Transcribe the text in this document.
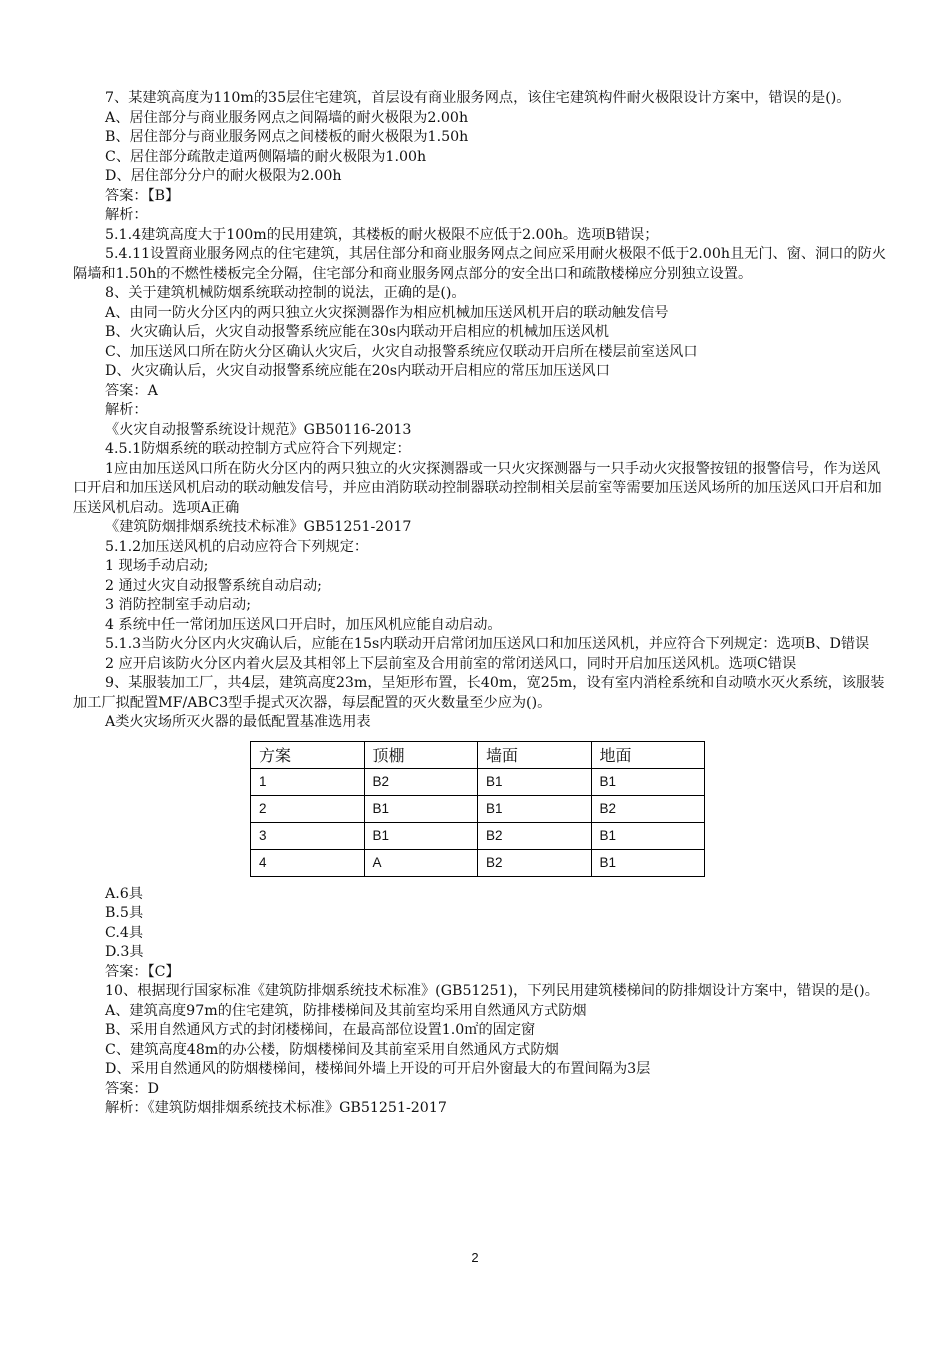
7、某建筑高度为110m的35层住宅建筑，首层设有商业服务网点，该住宅建筑构件耐火极限设计方案中，错误的是()。

A、居住部分与商业服务网点之间隔墙的耐火极限为2.00h

B、居住部分与商业服务网点之间楼板的耐火极限为1.50h

C、居住部分疏散走道两侧隔墙的耐火极限为1.00h

D、居住部分分户的耐火极限为2.00h

答案：【B】

解析：

5.1.4建筑高度大于100m的民用建筑，其楼板的耐火极限不应低于2.00h。选项B错误；

5.4.11设置商业服务网点的住宅建筑，其居住部分和商业服务网点之间应采用耐火极限不低于2.00h且无门、窗、洞口的防火隔墙和1.50h的不燃性楼板完全分隔，住宅部分和商业服务网点部分的安全出口和疏散楼梯应分别独立设置。

8、关于建筑机械防烟系统联动控制的说法，正确的是()。

A、由同一防火分区内的两只独立火灾探测器作为相应机械加压送风机开启的联动触发信号

B、火灾确认后，火灾自动报警系统应能在30s内联动开启相应的机械加压送风机

C、加压送风口所在防火分区确认火灾后，火灾自动报警系统应仅联动开启所在楼层前室送风口

D、火灾确认后，火灾自动报警系统应能在20s内联动开启相应的常压加压送风口

答案：A

解析：

《火灾自动报警系统设计规范》GB50116-2013

4.5.1防烟系统的联动控制方式应符合下列规定：

1应由加压送风口所在防火分区内的两只独立的火灾探测器或一只火灾探测器与一只手动火灾报警按钮的报警信号，作为送风口开启和加压送风机启动的联动触发信号，并应由消防联动控制器联动控制相关层前室等需要加压送风场所的加压送风口开启和加压送风机启动。选项A正确

《建筑防烟排烟系统技术标准》GB51251-2017

5.1.2加压送风机的启动应符合下列规定：

1 现场手动启动;

2 通过火灾自动报警系统自动启动;

3 消防控制室手动启动;

4 系统中任一常闭加压送风口开启时，加压风机应能自动启动。

5.1.3当防火分区内火灾确认后，应能在15s内联动开启常闭加压送风口和加压送风机，并应符合下列规定：选项B、D错误

2 应开启该防火分区内着火层及其相邻上下层前室及合用前室的常闭送风口，同时开启加压送风机。选项C错误

9、某服装加工厂，共4层，建筑高度23m，呈矩形布置，长40m，宽25m，设有室内消栓系统和自动喷水灭火系统，该服装加工厂拟配置MF/ABC3型手提式灭次器，每层配置的灭火数量至少应为()。

A类火灾场所灭火器的最低配置基准选用表

方案	顶棚	墙面	地面
1	B2	B1	B1
2	B1	B1	B2
3	B1	B2	B1
4	A	B2	B1

A.6具

B.5具

C.4具

D.3具

答案：【C】

10、根据现行国家标准《建筑防排烟系统技术标准》(GB51251)，下列民用建筑楼梯间的防排烟设计方案中，错误的是()。

A、建筑高度97m的住宅建筑，防排楼梯间及其前室均采用自然通风方式防烟

B、采用自然通风方式的封闭楼梯间，在最高部位设置1.0㎡的固定窗

C、建筑高度48m的办公楼，防烟楼梯间及其前室采用自然通风方式防烟

D、采用自然通风的防烟楼梯间，楼梯间外墙上开设的可开启外窗最大的布置间隔为3层

答案：D

解析：《建筑防烟排烟系统技术标准》GB51251-2017

2
